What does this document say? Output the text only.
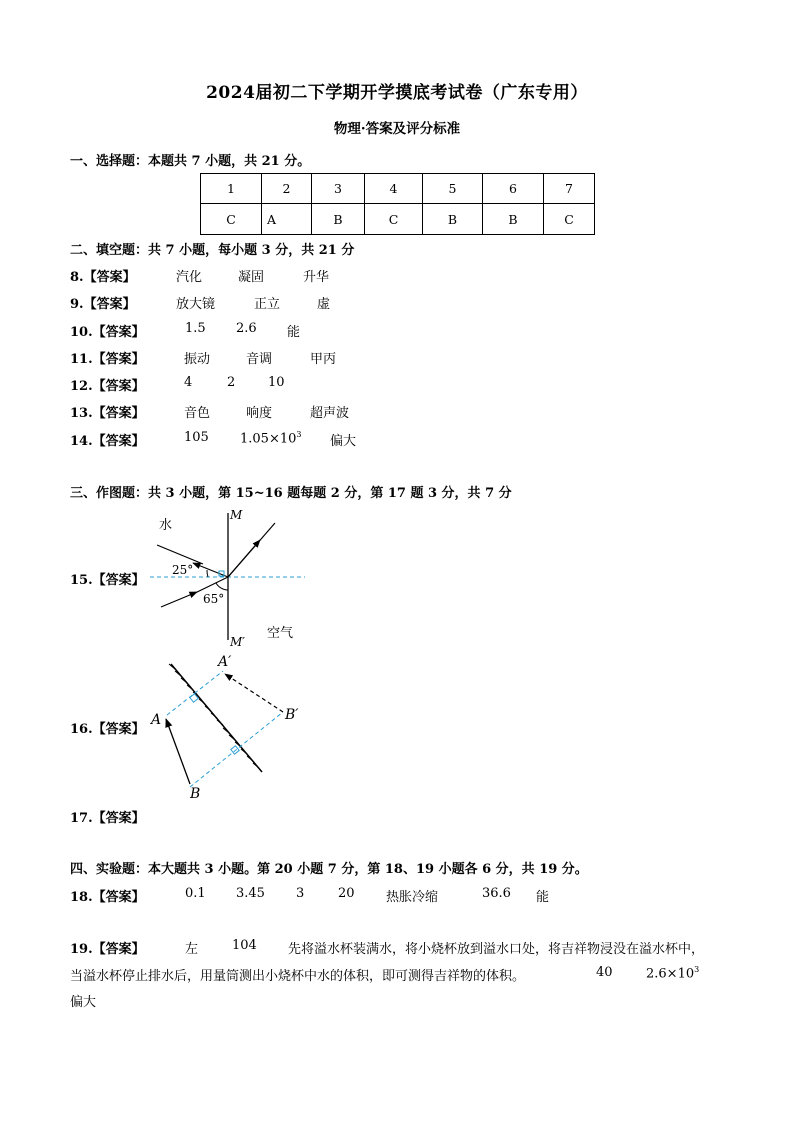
2024届初二下学期开学摸底考试卷（广东专用）
物理·答案及评分标准
一、选择题：本题共 7 小题，共 21 分。
1	2	3	4	5	6	7
C	A	B	C	B	B	C
二、填空题：共 7 小题，每小题 3 分，共 21 分
8.【答案】	汽化	凝固	升华
9.【答案】	放大镜	正立	虚
10.【答案】	1.5 2.6 能
11.【答案】	振动	音调	甲丙
12.【答案】	4	2	10
13.【答案】	音色	响度	超声波
14.【答案】	105 $1.05\times 10^3$ 偏大
三、作图题：共 3 小题，第 15~16 题每题 2 分，第 17 题 3 分，共 7 分
15.【答案】
水
空气
M
M′
25°
65°
16.【答案】
A
B
A′
B′
17.【答案】
四、实验题：本大题共 3 小题。第 20 小题 7 分，第 18、19 小题各 6 分，共 19 分。
18.【答案】	0.1 3.45 3	20 热胀冷缩	36.6 能
19.【答案】	左	104 先将溢水杯装满水，将小烧杯放到溢水口处，将吉祥物浸没在溢水杯中，
当溢水杯停止排水后，用量筒测出小烧杯中水的体积，即可测得吉祥物的体积。	40	$2.6\times 10^3$
偏大
